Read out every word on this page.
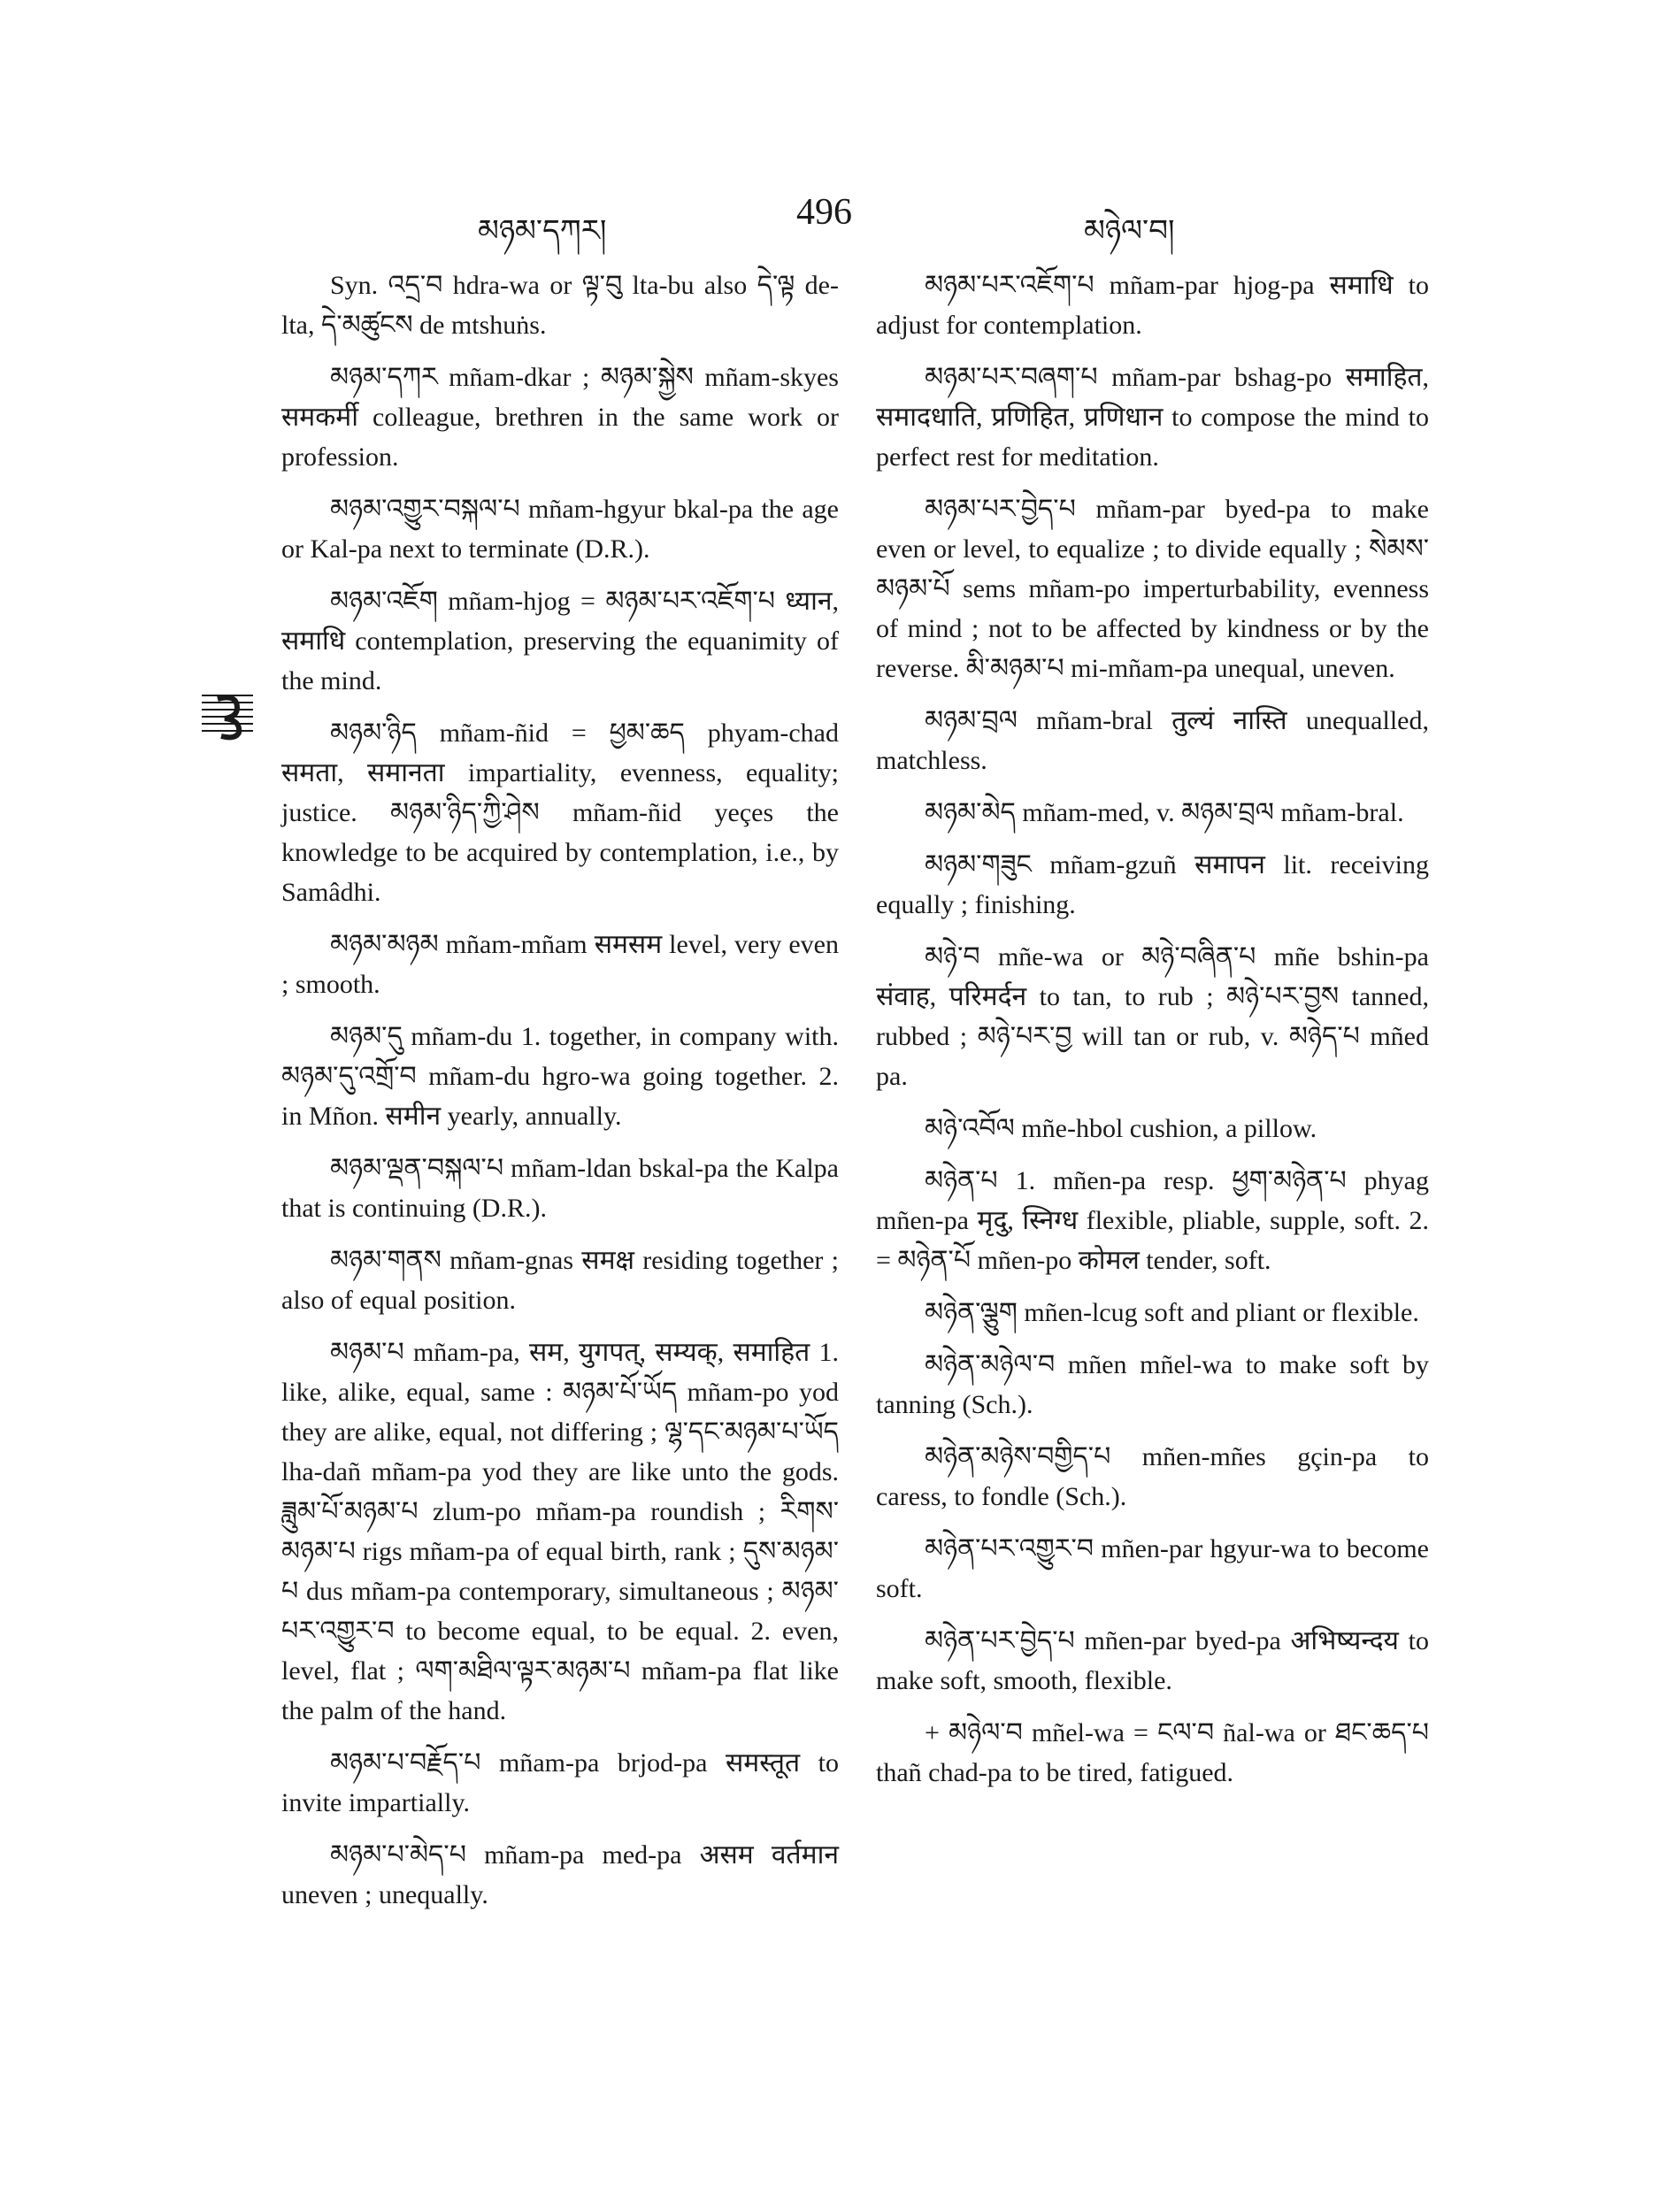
མཉམ་དཀར།	496	མཉེལ་བ།

Syn. འདྲ་བ hdra-wa or ལྟ་བུ lta-bu also དེ་ལྟ de-lta, དེ་མཚུངས de mtshuṅs.

མཉམ་དཀར mñam-dkar ; མཉམ་སྐྱེས mñam-skyes समकर्मी colleague, brethren in the same work or profession.

མཉམ་འགྱུར་བསྐལ་པ mñam-hgyur bkal-pa the age or Kal-pa next to terminate (D.R.).

མཉམ་འཇོག mñam-hjog = མཉམ་པར་འཇོག་པ ध्यान, समाधि contemplation, preserving the equanimity of the mind.

མཉམ་ཉིད mñam-ñid = ཕྱམ་ཆད phyam-chad समता, समानता impartiality, evenness, equality; justice. མཉམ་ཉིད་ཀྱི་ཤེས mñam-ñid yeçes the knowledge to be acquired by contemplation, i.e., by Samâdhi.

མཉམ་མཉམ mñam-mñam समसम level, very even ; smooth.

མཉམ་དུ mñam-du 1. together, in company with. མཉམ་དུ་འགྲོ་བ mñam-du hgro-wa going together. 2. in Mñon. समीन yearly, annually.

མཉམ་ལྡན་བསྐལ་པ mñam-ldan bskal-pa the Kalpa that is continuing (D.R.).

མཉམ་གནས mñam-gnas समक्ष residing together ; also of equal position.

མཉམ་པ mñam-pa, सम, युगपत्, सम्यक्, समाहित 1. like, alike, equal, same : མཉམ་པོ་ཡོད mñam-po yod they are alike, equal, not differing ; ལྷ་དང་མཉམ་པ་ཡོད lha-dañ mñam-pa yod they are like unto the gods. ཟླུམ་པོ་མཉམ་པ zlum-po mñam-pa roundish ; རིགས་མཉམ་པ rigs mñam-pa of equal birth, rank ; དུས་མཉམ་པ dus mñam-pa contemporary, simultaneous ; མཉམ་པར་འགྱུར་བ to become equal, to be equal. 2. even, level, flat ; ལག་མཐིལ་ལྟར་མཉམ་པ mñam-pa flat like the palm of the hand.

མཉམ་པ་བརྗོད་པ mñam-pa brjod-pa समस्तूत to invite impartially.

མཉམ་པ་མེད་པ mñam-pa med-pa असम वर्तमान uneven ; unequally.

མཉམ་པར་འཇོག་པ mñam-par hjog-pa समाधि to adjust for contemplation.

མཉམ་པར་བཞག་པ mñam-par bshag-po समाहित, समादधाति, प्रणिहित, प्रणिधान to compose the mind to perfect rest for meditation.

མཉམ་པར་བྱེད་པ mñam-par byed-pa to make even or level, to equalize ; to divide equally ; སེམས་མཉམ་པོ sems mñam-po imperturbability, evenness of mind ; not to be affected by kindness or by the reverse. མི་མཉམ་པ mi-mñam-pa unequal, uneven.

མཉམ་བྲལ mñam-bral तुल्यं नास्ति unequalled, matchless.

མཉམ་མེད mñam-med, v. མཉམ་བྲལ mñam-bral.

མཉམ་གཟུང mñam-gzuñ समापन lit. receiving equally ; finishing.

མཉེ་བ mñe-wa or མཉེ་བཞིན་པ mñe bshin-pa संवाह, परिमर्दन to tan, to rub ; མཉེ་པར་བྱས tanned, rubbed ; མཉེ་པར་བྱ will tan or rub, v. མཉེད་པ mñed pa.

མཉེ་འབོལ mñe-hbol cushion, a pillow.

མཉེན་པ 1. mñen-pa resp. ཕྱག་མཉེན་པ phyag mñen-pa मृदु, स्निग्ध flexible, pliable, supple, soft. 2. = མཉེན་པོ mñen-po कोमल tender, soft.

མཉེན་ལྕུག mñen-lcug soft and pliant or flexible.

མཉེན་མཉེལ་བ mñen mñel-wa to make soft by tanning (Sch.).

མཉེན་མཉེས་བགྱིད་པ mñen-mñes gçin-pa to caress, to fondle (Sch.).

མཉེན་པར་འགྱུར་བ mñen-par hgyur-wa to become soft.

མཉེན་པར་བྱེད་པ mñen-par byed-pa अभिष्यन्दय to make soft, smooth, flexible.

+ མཉེལ་བ mñel-wa = ངལ་བ ñal-wa or ཐང་ཆད་པ thañ chad-pa to be tired, fatigued.
